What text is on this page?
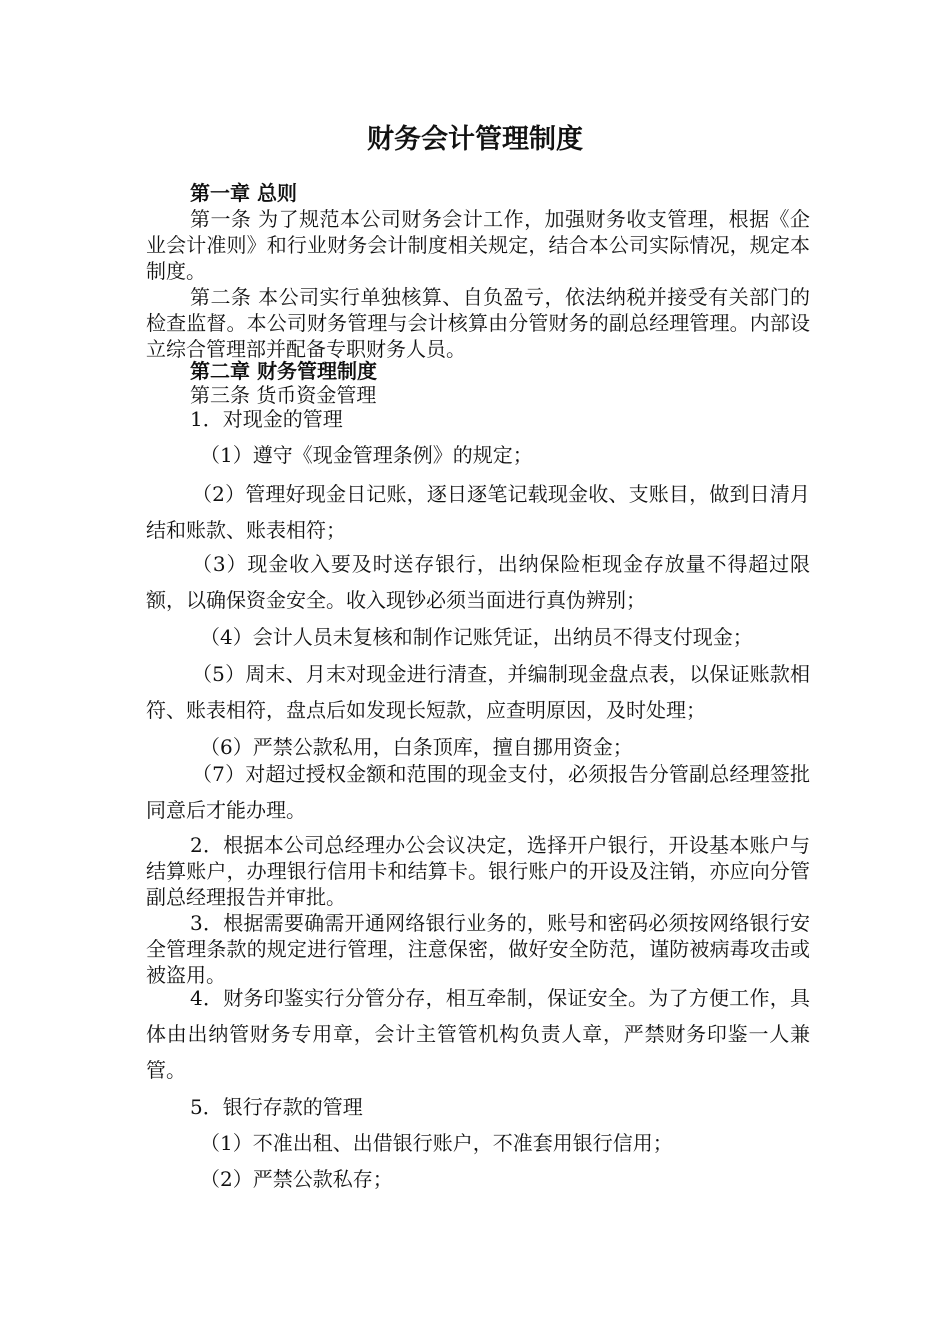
财务会计管理制度

第一章 总则

第一条 为了规范本公司财务会计工作，加强财务收支管理，根据《企业会计准则》和行业财务会计制度相关规定，结合本公司实际情况，规定本制度。

第二条 本公司实行单独核算、自负盈亏，依法纳税并接受有关部门的检查监督。本公司财务管理与会计核算由分管财务的副总经理管理。内部设立综合管理部并配备专职财务人员。

第二章 财务管理制度

第三条 货币资金管理

1．对现金的管理

（1）遵守《现金管理条例》的规定；

（2）管理好现金日记账，逐日逐笔记载现金收、支账目，做到日清月结和账款、账表相符；

（3）现金收入要及时送存银行，出纳保险柜现金存放量不得超过限额，以确保资金安全。收入现钞必须当面进行真伪辨别；

（4）会计人员未复核和制作记账凭证，出纳员不得支付现金；

（5）周末、月末对现金进行清查，并编制现金盘点表，以保证账款相符、账表相符，盘点后如发现长短款，应查明原因，及时处理；

（6）严禁公款私用，白条顶库，擅自挪用资金；

（7）对超过授权金额和范围的现金支付，必须报告分管副总经理签批同意后才能办理。

2．根据本公司总经理办公会议决定，选择开户银行，开设基本账户与结算账户，办理银行信用卡和结算卡。银行账户的开设及注销，亦应向分管副总经理报告并审批。

3．根据需要确需开通网络银行业务的，账号和密码必须按网络银行安全管理条款的规定进行管理，注意保密，做好安全防范，谨防被病毒攻击或被盗用。

4．财务印鉴实行分管分存，相互牵制，保证安全。为了方便工作，具体由出纳管财务专用章，会计主管管机构负责人章，严禁财务印鉴一人兼管。

5．银行存款的管理

（1）不准出租、出借银行账户，不准套用银行信用；

（2）严禁公款私存；
